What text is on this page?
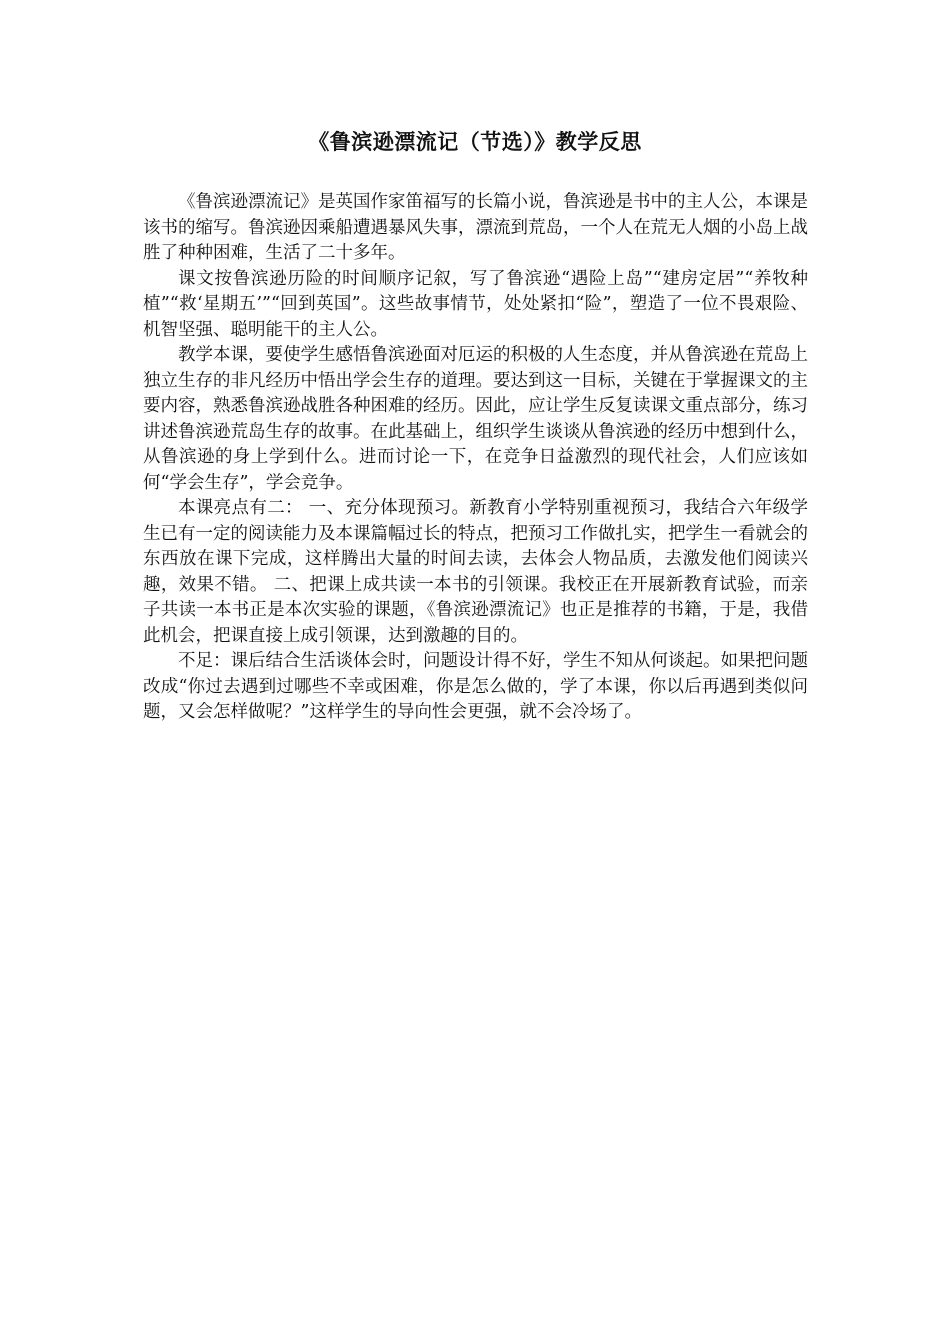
《鲁滨逊漂流记（节选）》教学反思

《鲁滨逊漂流记》是英国作家笛福写的长篇小说，鲁滨逊是书中的主人公，本课是该书的缩写。鲁滨逊因乘船遭遇暴风失事，漂流到荒岛，一个人在荒无人烟的小岛上战胜了种种困难，生活了二十多年。

课文按鲁滨逊历险的时间顺序记叙，写了鲁滨逊“遇险上岛”“建房定居”“养牧种植”“救‘星期五’”“回到英国”。这些故事情节，处处紧扣“险”，塑造了一位不畏艰险、机智坚强、聪明能干的主人公。

教学本课，要使学生感悟鲁滨逊面对厄运的积极的人生态度，并从鲁滨逊在荒岛上独立生存的非凡经历中悟出学会生存的道理。要达到这一目标，关键在于掌握课文的主要内容，熟悉鲁滨逊战胜各种困难的经历。因此，应让学生反复读课文重点部分，练习讲述鲁滨逊荒岛生存的故事。在此基础上，组织学生谈谈从鲁滨逊的经历中想到什么，从鲁滨逊的身上学到什么。进而讨论一下，在竞争日益激烈的现代社会，人们应该如何“学会生存”，学会竞争。

本课亮点有二： 一、充分体现预习。新教育小学特别重视预习，我结合六年级学生已有一定的阅读能力及本课篇幅过长的特点，把预习工作做扎实，把学生一看就会的东西放在课下完成，这样腾出大量的时间去读，去体会人物品质，去激发他们阅读兴趣，效果不错。 二、把课上成共读一本书的引领课。我校正在开展新教育试验，而亲子共读一本书正是本次实验的课题，《鲁滨逊漂流记》也正是推荐的书籍，于是，我借此机会，把课直接上成引领课，达到激趣的目的。

不足：课后结合生活谈体会时，问题设计得不好，学生不知从何谈起。如果把问题改成“你过去遇到过哪些不幸或困难，你是怎么做的，学了本课，你以后再遇到类似问题，又会怎样做呢？”这样学生的导向性会更强，就不会冷场了。
